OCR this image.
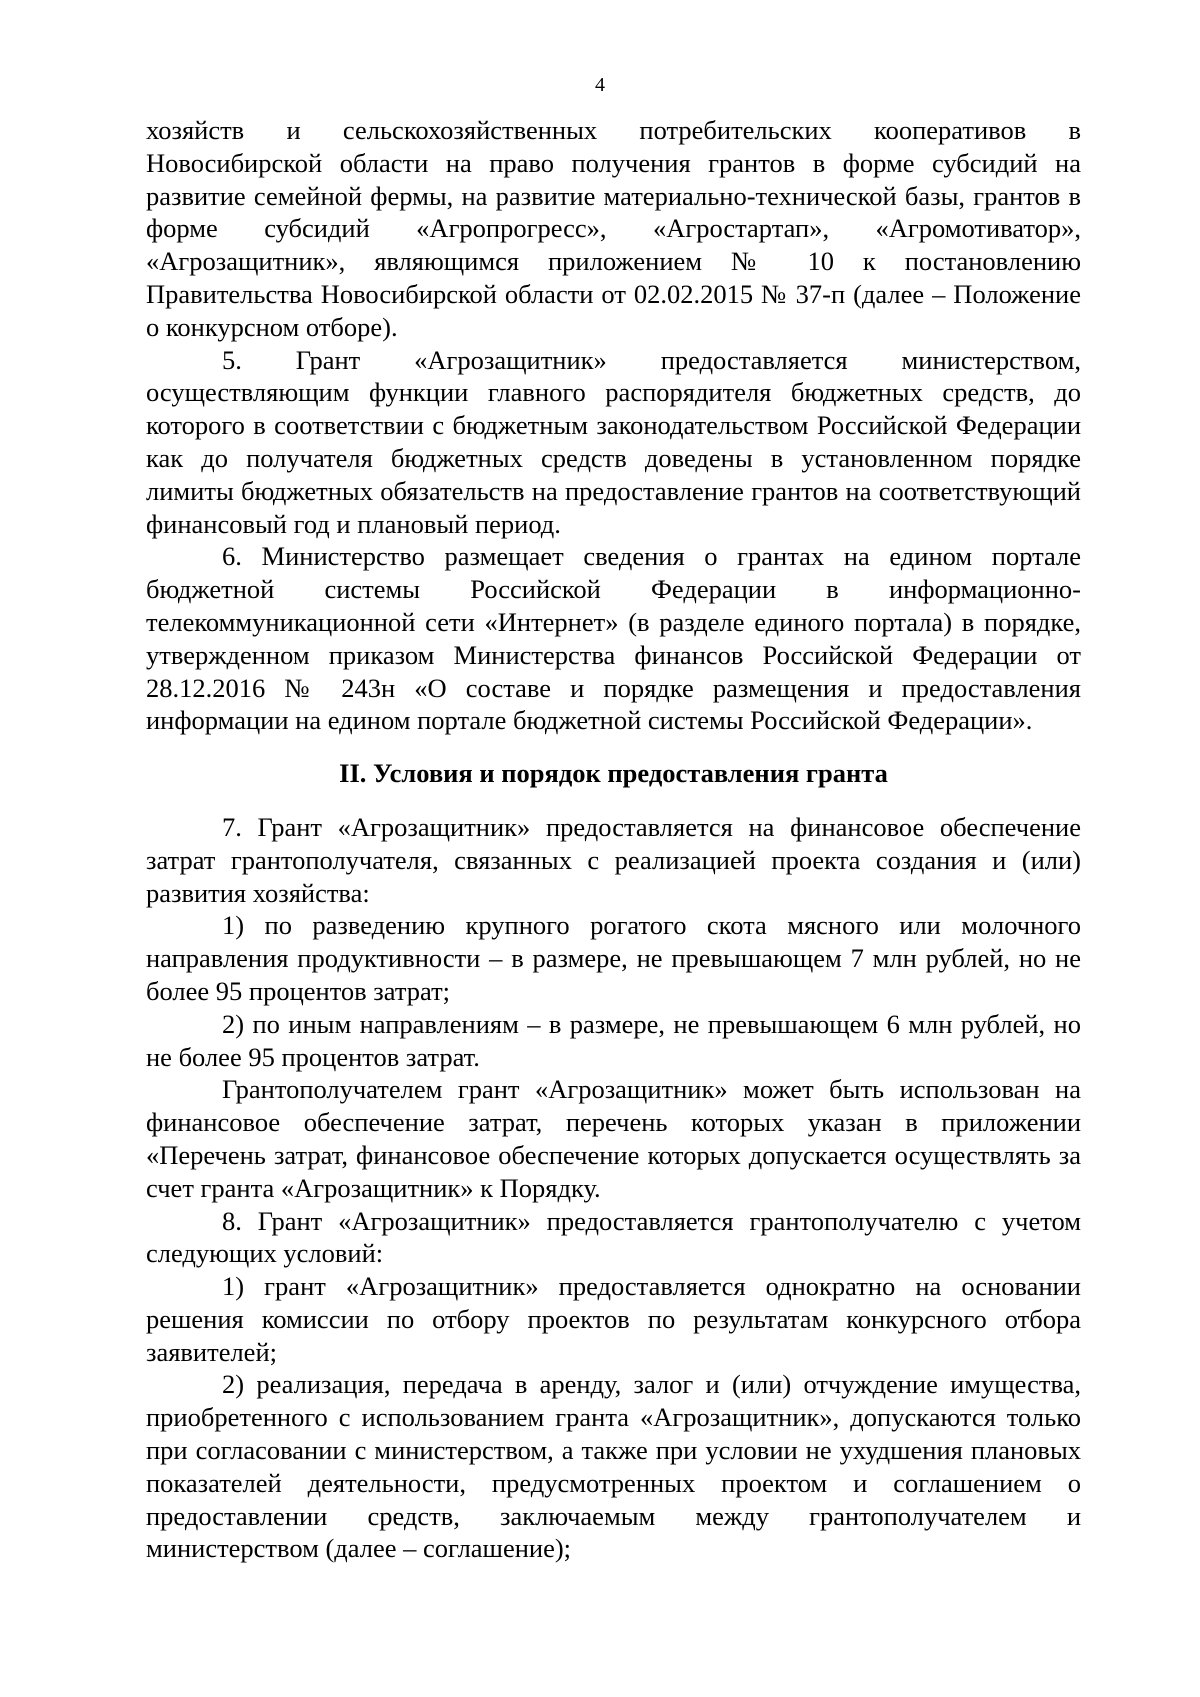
4

хозяйств и сельскохозяйственных потребительских кооперативов в Новосибирской области на право получения грантов в форме субсидий на развитие семейной фермы, на развитие материально-технической базы, грантов в форме субсидий «Агропрогресс», «Агростартап», «Агромотиватор», «Агрозащитник», являющимся приложением № 10 к постановлению Правительства Новосибирской области от 02.02.2015 № 37-п (далее – Положение о конкурсном отборе).

5. Грант «Агрозащитник» предоставляется министерством, осуществляющим функции главного распорядителя бюджетных средств, до которого в соответствии с бюджетным законодательством Российской Федерации как до получателя бюджетных средств доведены в установленном порядке лимиты бюджетных обязательств на предоставление грантов на соответствующий финансовый год и плановый период.

6. Министерство размещает сведения о грантах на едином портале бюджетной системы Российской Федерации в информационно-телекоммуникационной сети «Интернет» (в разделе единого портала) в порядке, утвержденном приказом Министерства финансов Российской Федерации от 28.12.2016 № 243н «О составе и порядке размещения и предоставления информации на едином портале бюджетной системы Российской Федерации».

II. Условия и порядок предоставления гранта

7. Грант «Агрозащитник» предоставляется на финансовое обеспечение затрат грантополучателя, связанных с реализацией проекта создания и (или) развития хозяйства:

1) по разведению крупного рогатого скота мясного или молочного направления продуктивности – в размере, не превышающем 7 млн рублей, но не более 95 процентов затрат;

2) по иным направлениям – в размере, не превышающем 6 млн рублей, но не более 95 процентов затрат.

Грантополучателем грант «Агрозащитник» может быть использован на финансовое обеспечение затрат, перечень которых указан в приложении «Перечень затрат, финансовое обеспечение которых допускается осуществлять за счет гранта «Агрозащитник» к Порядку.

8. Грант «Агрозащитник» предоставляется грантополучателю с учетом следующих условий:

1) грант «Агрозащитник» предоставляется однократно на основании решения комиссии по отбору проектов по результатам конкурсного отбора заявителей;

2) реализация, передача в аренду, залог и (или) отчуждение имущества, приобретенного с использованием гранта «Агрозащитник», допускаются только при согласовании с министерством, а также при условии не ухудшения плановых показателей деятельности, предусмотренных проектом и соглашением о предоставлении средств, заключаемым между грантополучателем и министерством (далее – соглашение);
